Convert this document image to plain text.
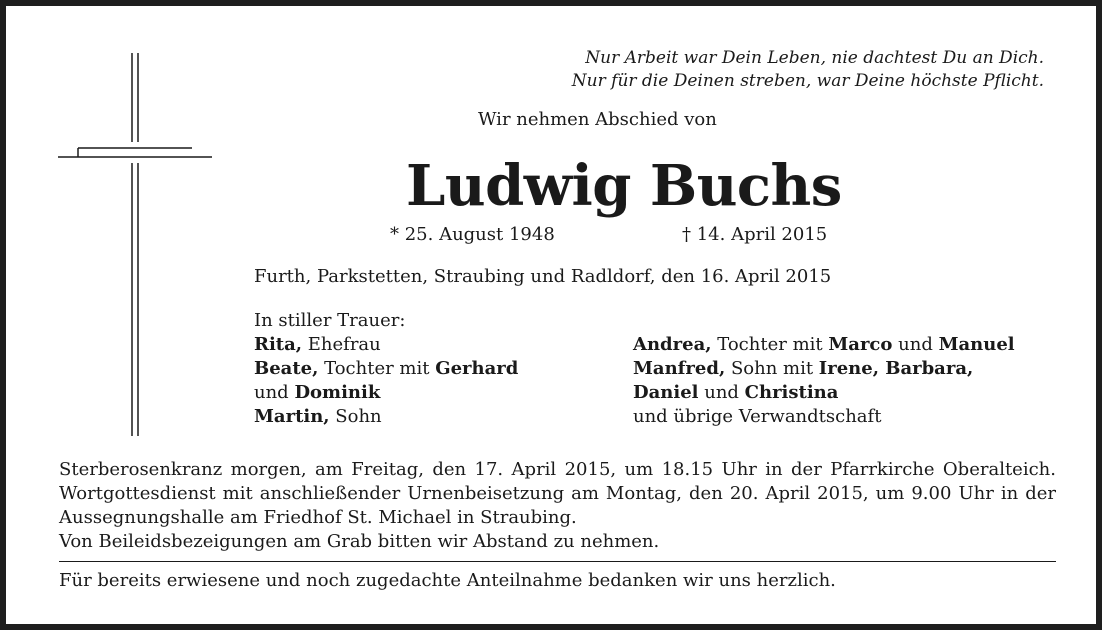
Nur Arbeit war Dein Leben, nie dachtest Du an Dich.
Nur für die Deinen streben, war Deine höchste Pflicht.
Wir nehmen Abschied von
Ludwig Buchs
* 25. August 1948	† 14. April 2015
Furth, Parkstetten, Straubing und Radldorf, den 16. April 2015
In stiller Trauer:
Rita, Ehefrau
Beate, Tochter mit Gerhard
und Dominik
Martin, Sohn
Andrea, Tochter mit Marco und Manuel
Manfred, Sohn mit Irene, Barbara,
Daniel und Christina
und übrige Verwandtschaft

Sterberosenkranz morgen, am Freitag, den 17. April 2015, um 18.15 Uhr in der Pfarrkirche Oberalteich. Wortgottesdienst mit anschließender Urnenbeisetzung am Montag, den 20. April 2015, um 9.00 Uhr in der Aussegnungshalle am Friedhof St. Michael in Straubing.

Von Beileidsbezeigungen am Grab bitten wir Abstand zu nehmen.

Für bereits erwiesene und noch zugedachte Anteilnahme bedanken wir uns herzlich.
